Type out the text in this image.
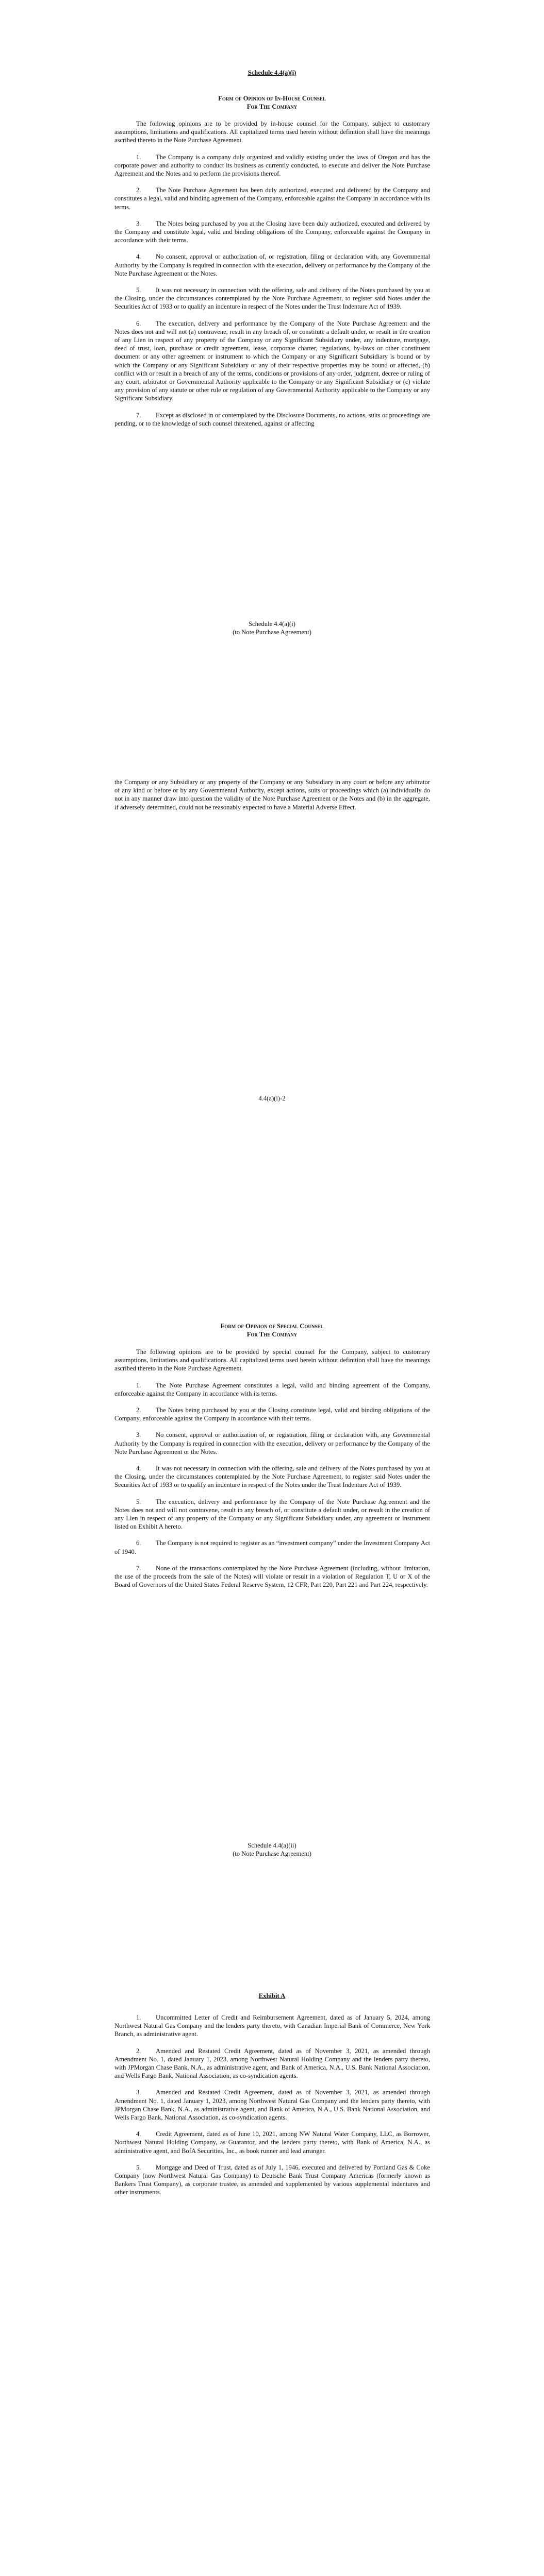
Schedule 4.4(a)(i)
Form of Opinion of In-House Counsel
For The Company

The following opinions are to be provided by in-house counsel for the Company, subject to customary assumptions, limitations and qualifications. All capitalized terms used herein without definition shall have the meanings ascribed thereto in the Note Purchase Agreement.

1. The Company is a company duly organized and validly existing under the laws of Oregon and has the corporate power and authority to conduct its business as currently conducted, to execute and deliver the Note Purchase Agreement and the Notes and to perform the provisions thereof.

2. The Note Purchase Agreement has been duly authorized, executed and delivered by the Company and constitutes a legal, valid and binding agreement of the Company, enforceable against the Company in accordance with its terms.

3. The Notes being purchased by you at the Closing have been duly authorized, executed and delivered by the Company and constitute legal, valid and binding obligations of the Company, enforceable against the Company in accordance with their terms.

4. No consent, approval or authorization of, or registration, filing or declaration with, any Governmental Authority by the Company is required in connection with the execution, delivery or performance by the Company of the Note Purchase Agreement or the Notes.

5. It was not necessary in connection with the offering, sale and delivery of the Notes purchased by you at the Closing, under the circumstances contemplated by the Note Purchase Agreement, to register said Notes under the Securities Act of 1933 or to qualify an indenture in respect of the Notes under the Trust Indenture Act of 1939.

6. The execution, delivery and performance by the Company of the Note Purchase Agreement and the Notes does not and will not (a) contravene, result in any breach of, or constitute a default under, or result in the creation of any Lien in respect of any property of the Company or any Significant Subsidiary under, any indenture, mortgage, deed of trust, loan, purchase or credit agreement, lease, corporate charter, regulations, by-laws or other constituent document or any other agreement or instrument to which the Company or any Significant Subsidiary is bound or by which the Company or any Significant Subsidiary or any of their respective properties may be bound or affected, (b) conflict with or result in a breach of any of the terms, conditions or provisions of any order, judgment, decree or ruling of any court, arbitrator or Governmental Authority applicable to the Company or any Significant Subsidiary or (c) violate any provision of any statute or other rule or regulation of any Governmental Authority applicable to the Company or any Significant Subsidiary.

7. Except as disclosed in or contemplated by the Disclosure Documents, no actions, suits or proceedings are pending, or to the knowledge of such counsel threatened, against or affecting

Schedule 4.4(a)(i)
(to Note Purchase Agreement)
the Company or any Subsidiary or any property of the Company or any Subsidiary in any court or before any arbitrator of any kind or before or by any Governmental Authority, except actions, suits or proceedings which (a) individually do not in any manner draw into question the validity of the Note Purchase Agreement or the Notes and (b) in the aggregate, if adversely determined, could not be reasonably expected to have a Material Adverse Effect.
4.4(a)(i)-2
Form of Opinion of Special Counsel
For The Company

The following opinions are to be provided by special counsel for the Company, subject to customary assumptions, limitations and qualifications. All capitalized terms used herein without definition shall have the meanings ascribed thereto in the Note Purchase Agreement.

1. The Note Purchase Agreement constitutes a legal, valid and binding agreement of the Company, enforceable against the Company in accordance with its terms.

2. The Notes being purchased by you at the Closing constitute legal, valid and binding obligations of the Company, enforceable against the Company in accordance with their terms.

3. No consent, approval or authorization of, or registration, filing or declaration with, any Governmental Authority by the Company is required in connection with the execution, delivery or performance by the Company of the Note Purchase Agreement or the Notes.

4. It was not necessary in connection with the offering, sale and delivery of the Notes purchased by you at the Closing, under the circumstances contemplated by the Note Purchase Agreement, to register said Notes under the Securities Act of 1933 or to qualify an indenture in respect of the Notes under the Trust Indenture Act of 1939.

5. The execution, delivery and performance by the Company of the Note Purchase Agreement and the Notes does not and will not contravene, result in any breach of, or constitute a default under, or result in the creation of any Lien in respect of any property of the Company or any Significant Subsidiary under, any agreement or instrument listed on Exhibit A hereto.

6. The Company is not required to register as an “investment company” under the Investment Company Act of 1940.

7. None of the transactions contemplated by the Note Purchase Agreement (including, without limitation, the use of the proceeds from the sale of the Notes) will violate or result in a violation of Regulation T, U or X of the Board of Governors of the United States Federal Reserve System, 12 CFR, Part 220, Part 221 and Part 224, respectively.

Schedule 4.4(a)(ii)
(to Note Purchase Agreement)
Exhibit A

1. Uncommitted Letter of Credit and Reimbursement Agreement, dated as of January 5, 2024, among Northwest Natural Gas Company and the lenders party thereto, with Canadian Imperial Bank of Commerce, New York Branch, as administrative agent.

2. Amended and Restated Credit Agreement, dated as of November 3, 2021, as amended through Amendment No. 1, dated January 1, 2023, among Northwest Natural Holding Company and the lenders party thereto, with JPMorgan Chase Bank, N.A., as administrative agent, and Bank of America, N.A., U.S. Bank National Association, and Wells Fargo Bank, National Association, as co-syndication agents.

3. Amended and Restated Credit Agreement, dated as of November 3, 2021, as amended through Amendment No. 1, dated January 1, 2023, among Northwest Natural Gas Company and the lenders party thereto, with JPMorgan Chase Bank, N.A., as administrative agent, and Bank of America, N.A., U.S. Bank National Association, and Wells Fargo Bank, National Association, as co-syndication agents.

4. Credit Agreement, dated as of June 10, 2021, among NW Natural Water Company, LLC, as Borrower, Northwest Natural Holding Company, as Guarantor, and the lenders party thereto, with Bank of America, N.A., as administrative agent, and BofA Securities, Inc., as book runner and lead arranger.

5. Mortgage and Deed of Trust, dated as of July 1, 1946, executed and delivered by Portland Gas & Coke Company (now Northwest Natural Gas Company) to Deutsche Bank Trust Company Americas (formerly known as Bankers Trust Company), as corporate trustee, as amended and supplemented by various supplemental indentures and other instruments.
